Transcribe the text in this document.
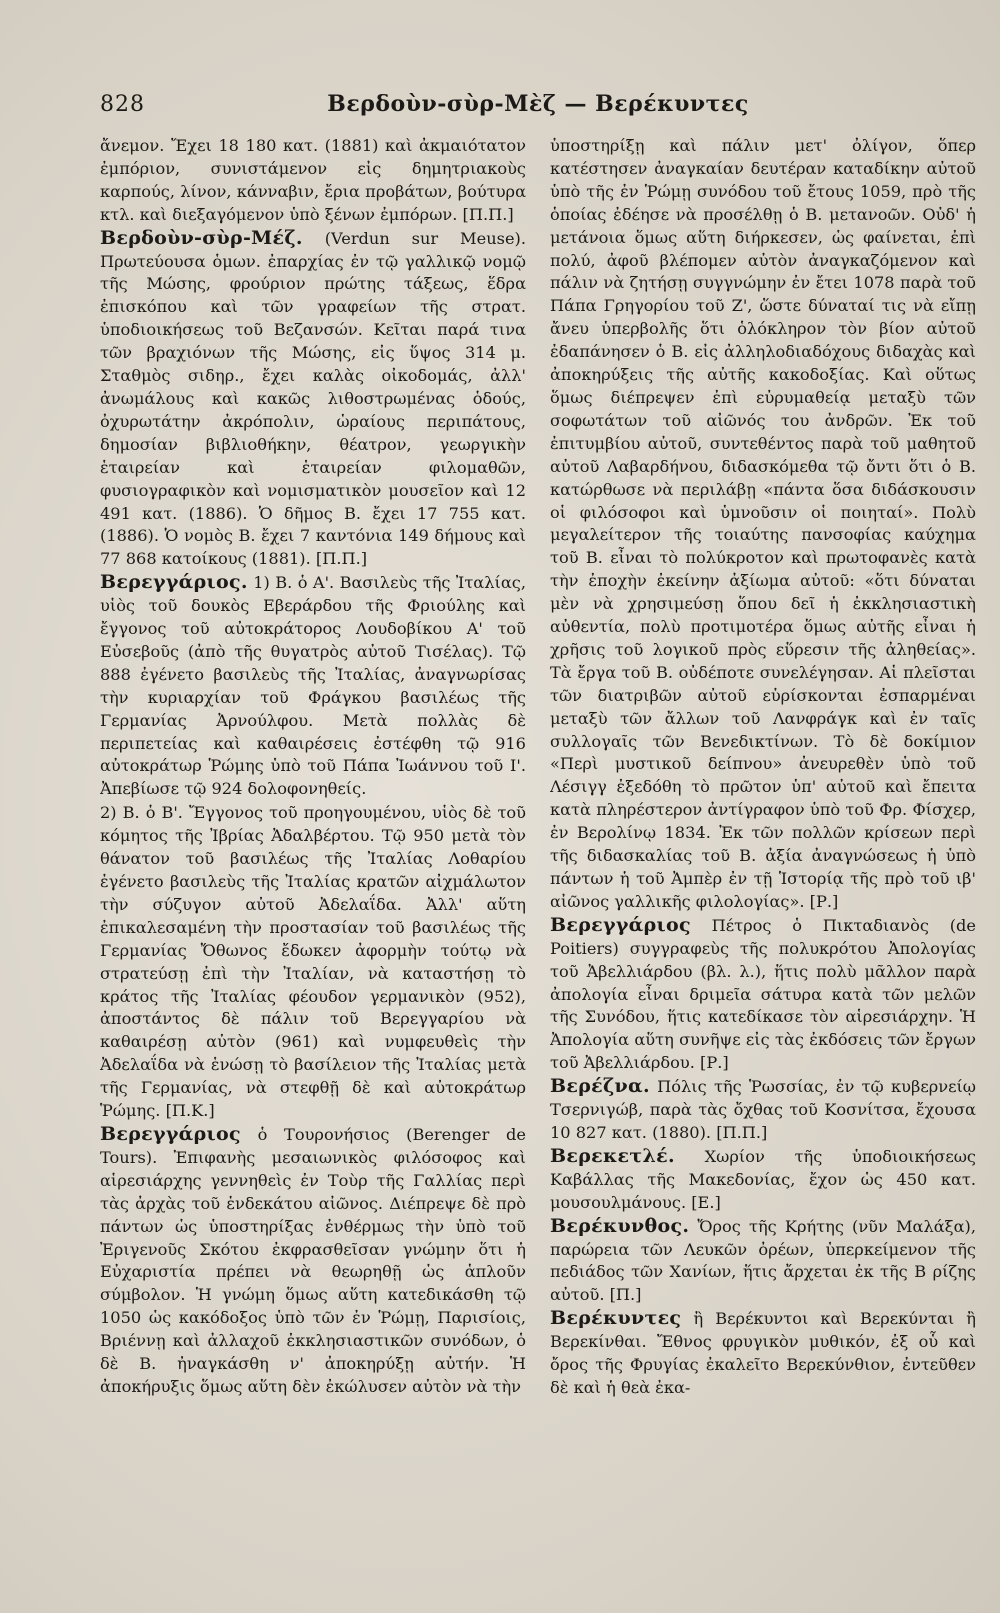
828	Βερδοὺν-σὺρ-Μὲζ — Βερέκυντες

ἄνεμον. Ἔχει 18 180 κατ. (1881) καὶ ἀκμαιότατον ἐμπόριον, συνιστάμενον εἰς δημητριακοὺς καρπούς, λίνον, κάνναβιν, ἔρια προβάτων, βούτυρα κτλ. καὶ διεξαγόμενον ὑπὸ ξένων ἐμπόρων. [Π.Π.]

Βερδοὺν-σὺρ-Μέζ. (Verdun sur Meuse). Πρωτεύουσα ὁμων. ἐπαρχίας ἐν τῷ γαλλικῷ νομῷ τῆς Μώσης, φρούριον πρώτης τάξεως, ἕδρα ἐπισκόπου καὶ τῶν γραφείων τῆς στρατ. ὑποδιοικήσεως τοῦ Βεζανσών. Κεῖται παρά τινα τῶν βραχιόνων τῆς Μώσης, εἰς ὕψος 314 μ. Σταθμὸς σιδηρ., ἔχει καλὰς οἰκοδομάς, ἀλλ' ἀνωμάλους καὶ κακῶς λιθοστρωμένας ὁδούς, ὀχυρωτάτην ἀκρόπολιν, ὡραίους περιπάτους, δημοσίαν βιβλιοθήκην, θέατρον, γεωργικὴν ἑταιρείαν καὶ ἑταιρείαν φιλομαθῶν, φυσιογραφικὸν καὶ νομισματικὸν μουσεῖον καὶ 12 491 κατ. (1886). Ὁ δῆμος Β. ἔχει 17 755 κατ. (1886). Ὁ νομὸς Β. ἔχει 7 καντόνια 149 δήμους καὶ 77 868 κατοίκους (1881). [Π.Π.]

Βερεγγάριος. 1) Β. ὁ Α'. Βασιλεὺς τῆς Ἰταλίας, υἱὸς τοῦ δουκὸς Εβεράρδου τῆς Φριούλης καὶ ἔγγονος τοῦ αὐτοκράτορος Λουδοβίκου Α' τοῦ Εὐσεβοῦς (ἀπὸ τῆς θυγατρὸς αὐτοῦ Τισέλας). Τῷ 888 ἐγένετο βασιλεὺς τῆς Ἰταλίας, ἀναγνωρίσας τὴν κυριαρχίαν τοῦ Φράγκου βασιλέως τῆς Γερμανίας Ἀρνούλφου. Μετὰ πολλὰς δὲ περιπετείας καὶ καθαιρέσεις ἐστέφθη τῷ 916 αὐτοκράτωρ Ῥώμης ὑπὸ τοῦ Πάπα Ἰωάννου τοῦ Ι'. Ἀπεβίωσε τῷ 924 δολοφονηθείς.

2) Β. ὁ Β'. Ἔγγονος τοῦ προηγουμένου, υἱὸς δὲ τοῦ κόμητος τῆς Ἰβρίας Ἀδαλβέρτου. Τῷ 950 μετὰ τὸν θάνατον τοῦ βασιλέως τῆς Ἰταλίας Λοθαρίου ἐγένετο βασιλεὺς τῆς Ἰταλίας κρατῶν αἰχμάλωτον τὴν σύζυγον αὐτοῦ Ἀδελαΐδα. Ἀλλ' αὕτη ἐπικαλεσαμένη τὴν προστασίαν τοῦ βασιλέως τῆς Γερμανίας Ὄθωνος ἔδωκεν ἀφορμὴν τούτῳ νὰ στρατεύσῃ ἐπὶ τὴν Ἰταλίαν, νὰ καταστήσῃ τὸ κράτος τῆς Ἰταλίας φέουδον γερμανικὸν (952), ἀποστάντος δὲ πάλιν τοῦ Βερεγγαρίου νὰ καθαιρέσῃ αὐτὸν (961) καὶ νυμφευθεὶς τὴν Ἀδελαΐδα νὰ ἑνώσῃ τὸ βασίλειον τῆς Ἰταλίας μετὰ τῆς Γερμανίας, νὰ στεφθῇ δὲ καὶ αὐτοκράτωρ Ῥώμης. [Π.Κ.]

Βερεγγάριος ὁ Τουρονήσιος (Berenger de Tours). Ἐπιφανὴς μεσαιωνικὸς φιλόσοφος καὶ αἱρεσιάρχης γεννηθεὶς ἐν Τοὺρ τῆς Γαλλίας περὶ τὰς ἀρχὰς τοῦ ἑνδεκάτου αἰῶνος. Διέπρεψε δὲ πρὸ πάντων ὡς ὑποστηρίξας ἐνθέρμως τὴν ὑπὸ τοῦ Ἐριγενοῦς Σκότου ἐκφρασθεῖσαν γνώμην ὅτι ἡ Εὐχαριστία πρέπει νὰ θεωρηθῇ ὡς ἁπλοῦν σύμβολον. Ἡ γνώμη ὅμως αὕτη κατεδικάσθη τῷ 1050 ὡς κακόδοξος ὑπὸ τῶν ἐν Ῥώμῃ, Παρισίοις, Βριέννῃ καὶ ἀλλαχοῦ ἐκκλησιαστικῶν συνόδων, ὁ δὲ Β. ἠναγκάσθη ν' ἀποκηρύξῃ αὐτήν. Ἡ ἀποκήρυξις ὅμως αὕτη δὲν ἐκώλυσεν αὐτὸν νὰ τὴν

ὑποστηρίξῃ καὶ πάλιν μετ' ὀλίγον, ὅπερ κατέστησεν ἀναγκαίαν δευτέραν καταδίκην αὐτοῦ ὑπὸ τῆς ἐν Ῥώμῃ συνόδου τοῦ ἔτους 1059, πρὸ τῆς ὁποίας ἐδέησε νὰ προσέλθῃ ὁ Β. μετανοῶν. Οὐδ' ἡ μετάνοια ὅμως αὕτη διήρκεσεν, ὡς φαίνεται, ἐπὶ πολύ, ἀφοῦ βλέπομεν αὐτὸν ἀναγκαζόμενον καὶ πάλιν νὰ ζητήσῃ συγγνώμην ἐν ἔτει 1078 παρὰ τοῦ Πάπα Γρηγορίου τοῦ Ζ', ὥστε δύναταί τις νὰ εἴπῃ ἄνευ ὑπερβολῆς ὅτι ὁλόκληρον τὸν βίον αὐτοῦ ἐδαπάνησεν ὁ Β. εἰς ἀλληλοδιαδόχους διδαχὰς καὶ ἀποκηρύξεις τῆς αὐτῆς κακοδοξίας. Καὶ οὕτως ὅμως διέπρεψεν ἐπὶ εὐρυμαθείᾳ μεταξὺ τῶν σοφωτάτων τοῦ αἰῶνός του ἀνδρῶν. Ἐκ τοῦ ἐπιτυμβίου αὐτοῦ, συντεθέντος παρὰ τοῦ μαθητοῦ αὐτοῦ Λαβαρδήνου, διδασκόμεθα τῷ ὄντι ὅτι ὁ Β. κατώρθωσε νὰ περιλάβῃ «πάντα ὅσα διδάσκουσιν οἱ φιλόσοφοι καὶ ὑμνοῦσιν οἱ ποιηταί». Πολὺ μεγαλείτερον τῆς τοιαύτης πανσοφίας καύχημα τοῦ Β. εἶναι τὸ πολύκροτον καὶ πρωτοφανὲς κατὰ τὴν ἐποχὴν ἐκείνην ἀξίωμα αὐτοῦ: «ὅτι δύναται μὲν νὰ χρησιμεύσῃ ὅπου δεῖ ἡ ἐκκλησιαστικὴ αὐθεντία, πολὺ προτιμοτέρα ὅμως αὐτῆς εἶναι ἡ χρῆσις τοῦ λογικοῦ πρὸς εὕρεσιν τῆς ἀληθείας». Τὰ ἔργα τοῦ Β. οὐδέποτε συνελέγησαν. Αἱ πλεῖσται τῶν διατριβῶν αὐτοῦ εὑρίσκονται ἐσπαρμέναι μεταξὺ τῶν ἄλλων τοῦ Λανφράγκ καὶ ἐν ταῖς συλλογαῖς τῶν Βενεδικτίνων. Τὸ δὲ δοκίμιον «Περὶ μυστικοῦ δείπνου» ἀνευρεθὲν ὑπὸ τοῦ Λέσιγγ ἐξεδόθη τὸ πρῶτον ὑπ' αὐτοῦ καὶ ἔπειτα κατὰ πληρέστερον ἀντίγραφον ὑπὸ τοῦ Φρ. Φίσχερ, ἐν Βερολίνῳ 1834. Ἐκ τῶν πολλῶν κρίσεων περὶ τῆς διδασκαλίας τοῦ Β. ἀξία ἀναγνώσεως ἡ ὑπὸ πάντων ἡ τοῦ Ἀμπὲρ ἐν τῇ Ἱστορίᾳ τῆς πρὸ τοῦ ιβ' αἰῶνος γαλλικῆς φιλολογίας». [Ρ.]

Βερεγγάριος Πέτρος ὁ Πικταδιανὸς (de Poitiers) συγγραφεὺς τῆς πολυκρότου Ἀπολογίας τοῦ Ἀβελλιάρδου (βλ. λ.), ἥτις πολὺ μᾶλλον παρὰ ἀπολογία εἶναι δριμεῖα σάτυρα κατὰ τῶν μελῶν τῆς Συνόδου, ἥτις κατεδίκασε τὸν αἱρεσιάρχην. Ἡ Ἀπολογία αὕτη συνῆψε εἰς τὰς ἐκδόσεις τῶν ἔργων τοῦ Ἀβελλιάρδου. [Ρ.]

Βερέζνα. Πόλις τῆς Ῥωσσίας, ἐν τῷ κυβερνείῳ Τσερνιγώβ, παρὰ τὰς ὄχθας τοῦ Κοσνίτσα, ἔχουσα 10 827 κατ. (1880). [Π.Π.]

Βερεκετλέ. Χωρίον τῆς ὑποδιοικήσεως Καβάλλας τῆς Μακεδονίας, ἔχον ὡς 450 κατ. μουσουλμάνους. [Ε.]

Βερέκυνθος. Ὄρος τῆς Κρήτης (νῦν Μαλάξα), παρώρεια τῶν Λευκῶν ὀρέων, ὑπερκείμενον τῆς πεδιάδος τῶν Χανίων, ἥτις ἄρχεται ἐκ τῆς Β ρίζης αὐτοῦ. [Π.]

Βερέκυντες ἢ Βερέκυντοι καὶ Βερεκύνται ἢ Βερεκίνθαι. Ἔθνος φρυγικὸν μυθικόν, ἐξ οὗ καὶ ὄρος τῆς Φρυγίας ἐκαλεῖτο Βερεκύνθιον, ἐντεῦθεν δὲ καὶ ἡ θεὰ ἐκα-
